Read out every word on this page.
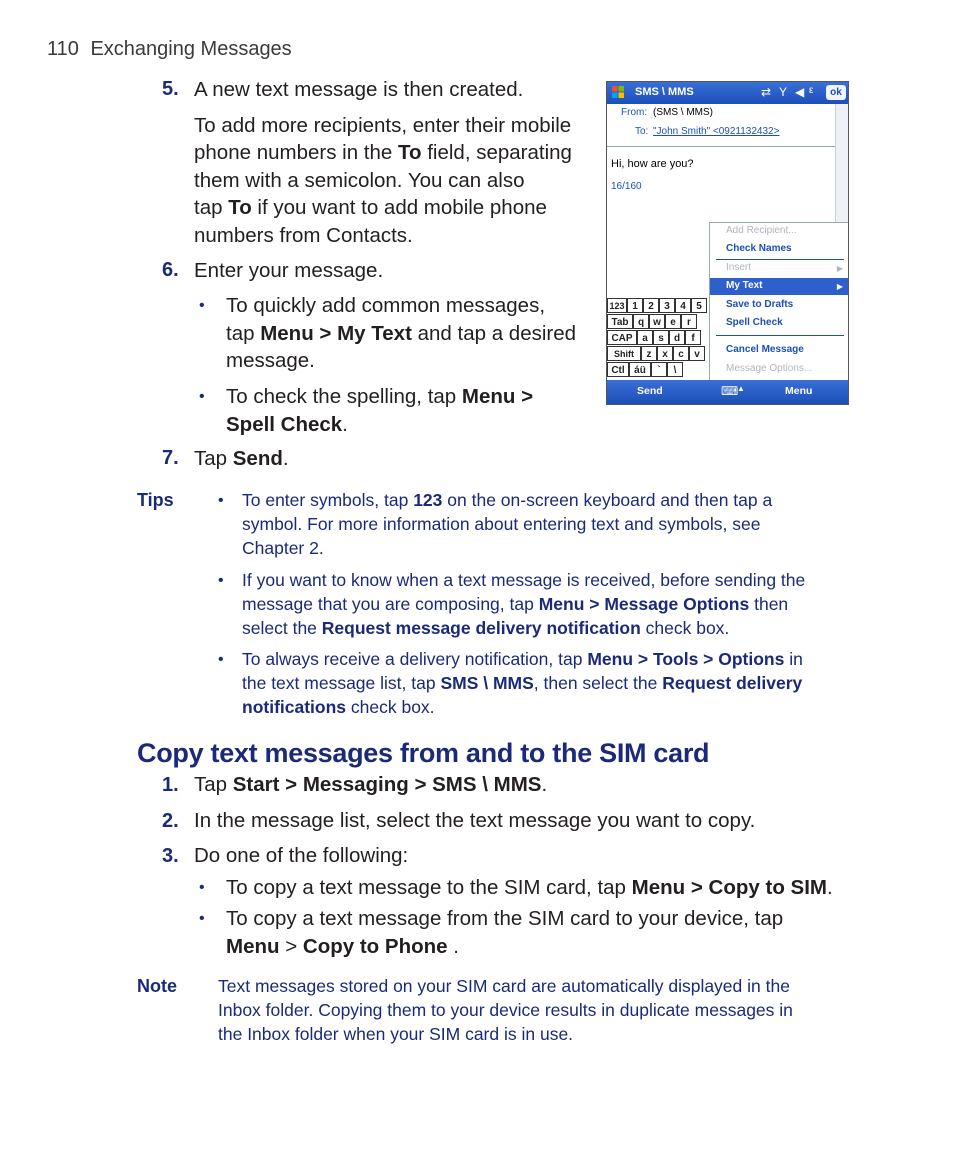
110 Exchanging Messages
5. A new text message is then created.
To add more recipients, enter their mobile
phone numbers in the To field, separating
them with a semicolon. You can also
tap To if you want to add mobile phone
numbers from Contacts.
6. Enter your message.
• To quickly add common messages,
tap Menu > My Text and tap a desired
message.
• To check the spelling, tap Menu >
Spell Check.
7. Tap Send.
SMS \ MMS	⇄ Y ◀ ε	ok
From: (SMS \ MMS)
To: "John Smith" <0921132432>
Hi, how are you?
16/160
Add Recipient...
Check Names
Insert	▶
My Text	▶
Save to Drafts
Spell Check
Cancel Message
Message Options...
123 1	2	3	4	5
Tab q w e	r
CAP a	s	d	f
Shift	z	x	c	v
Ctl áü	`	\
Send	⌨
▲	Menu
Tips	• To enter symbols, tap 123 on the on-screen keyboard and then tap a
symbol. For more information about entering text and symbols, see
Chapter 2.
• If you want to know when a text message is received, before sending the
message that you are composing, tap Menu > Message Options then
select the Request message delivery notification check box.
• To always receive a delivery notification, tap Menu > Tools > Options in
the text message list, tap SMS \ MMS, then select the Request delivery
notifications check box.
Copy text messages from and to the SIM card
1. Tap Start > Messaging > SMS \ MMS.
2. In the message list, select the text message you want to copy.
3. Do one of the following:
• To copy a text message to the SIM card, tap Menu > Copy to SIM.
• To copy a text message from the SIM card to your device, tap
Menu > Copy to Phone .
Note Text messages stored on your SIM card are automatically displayed in the
Inbox folder. Copying them to your device results in duplicate messages in
the Inbox folder when your SIM card is in use.
